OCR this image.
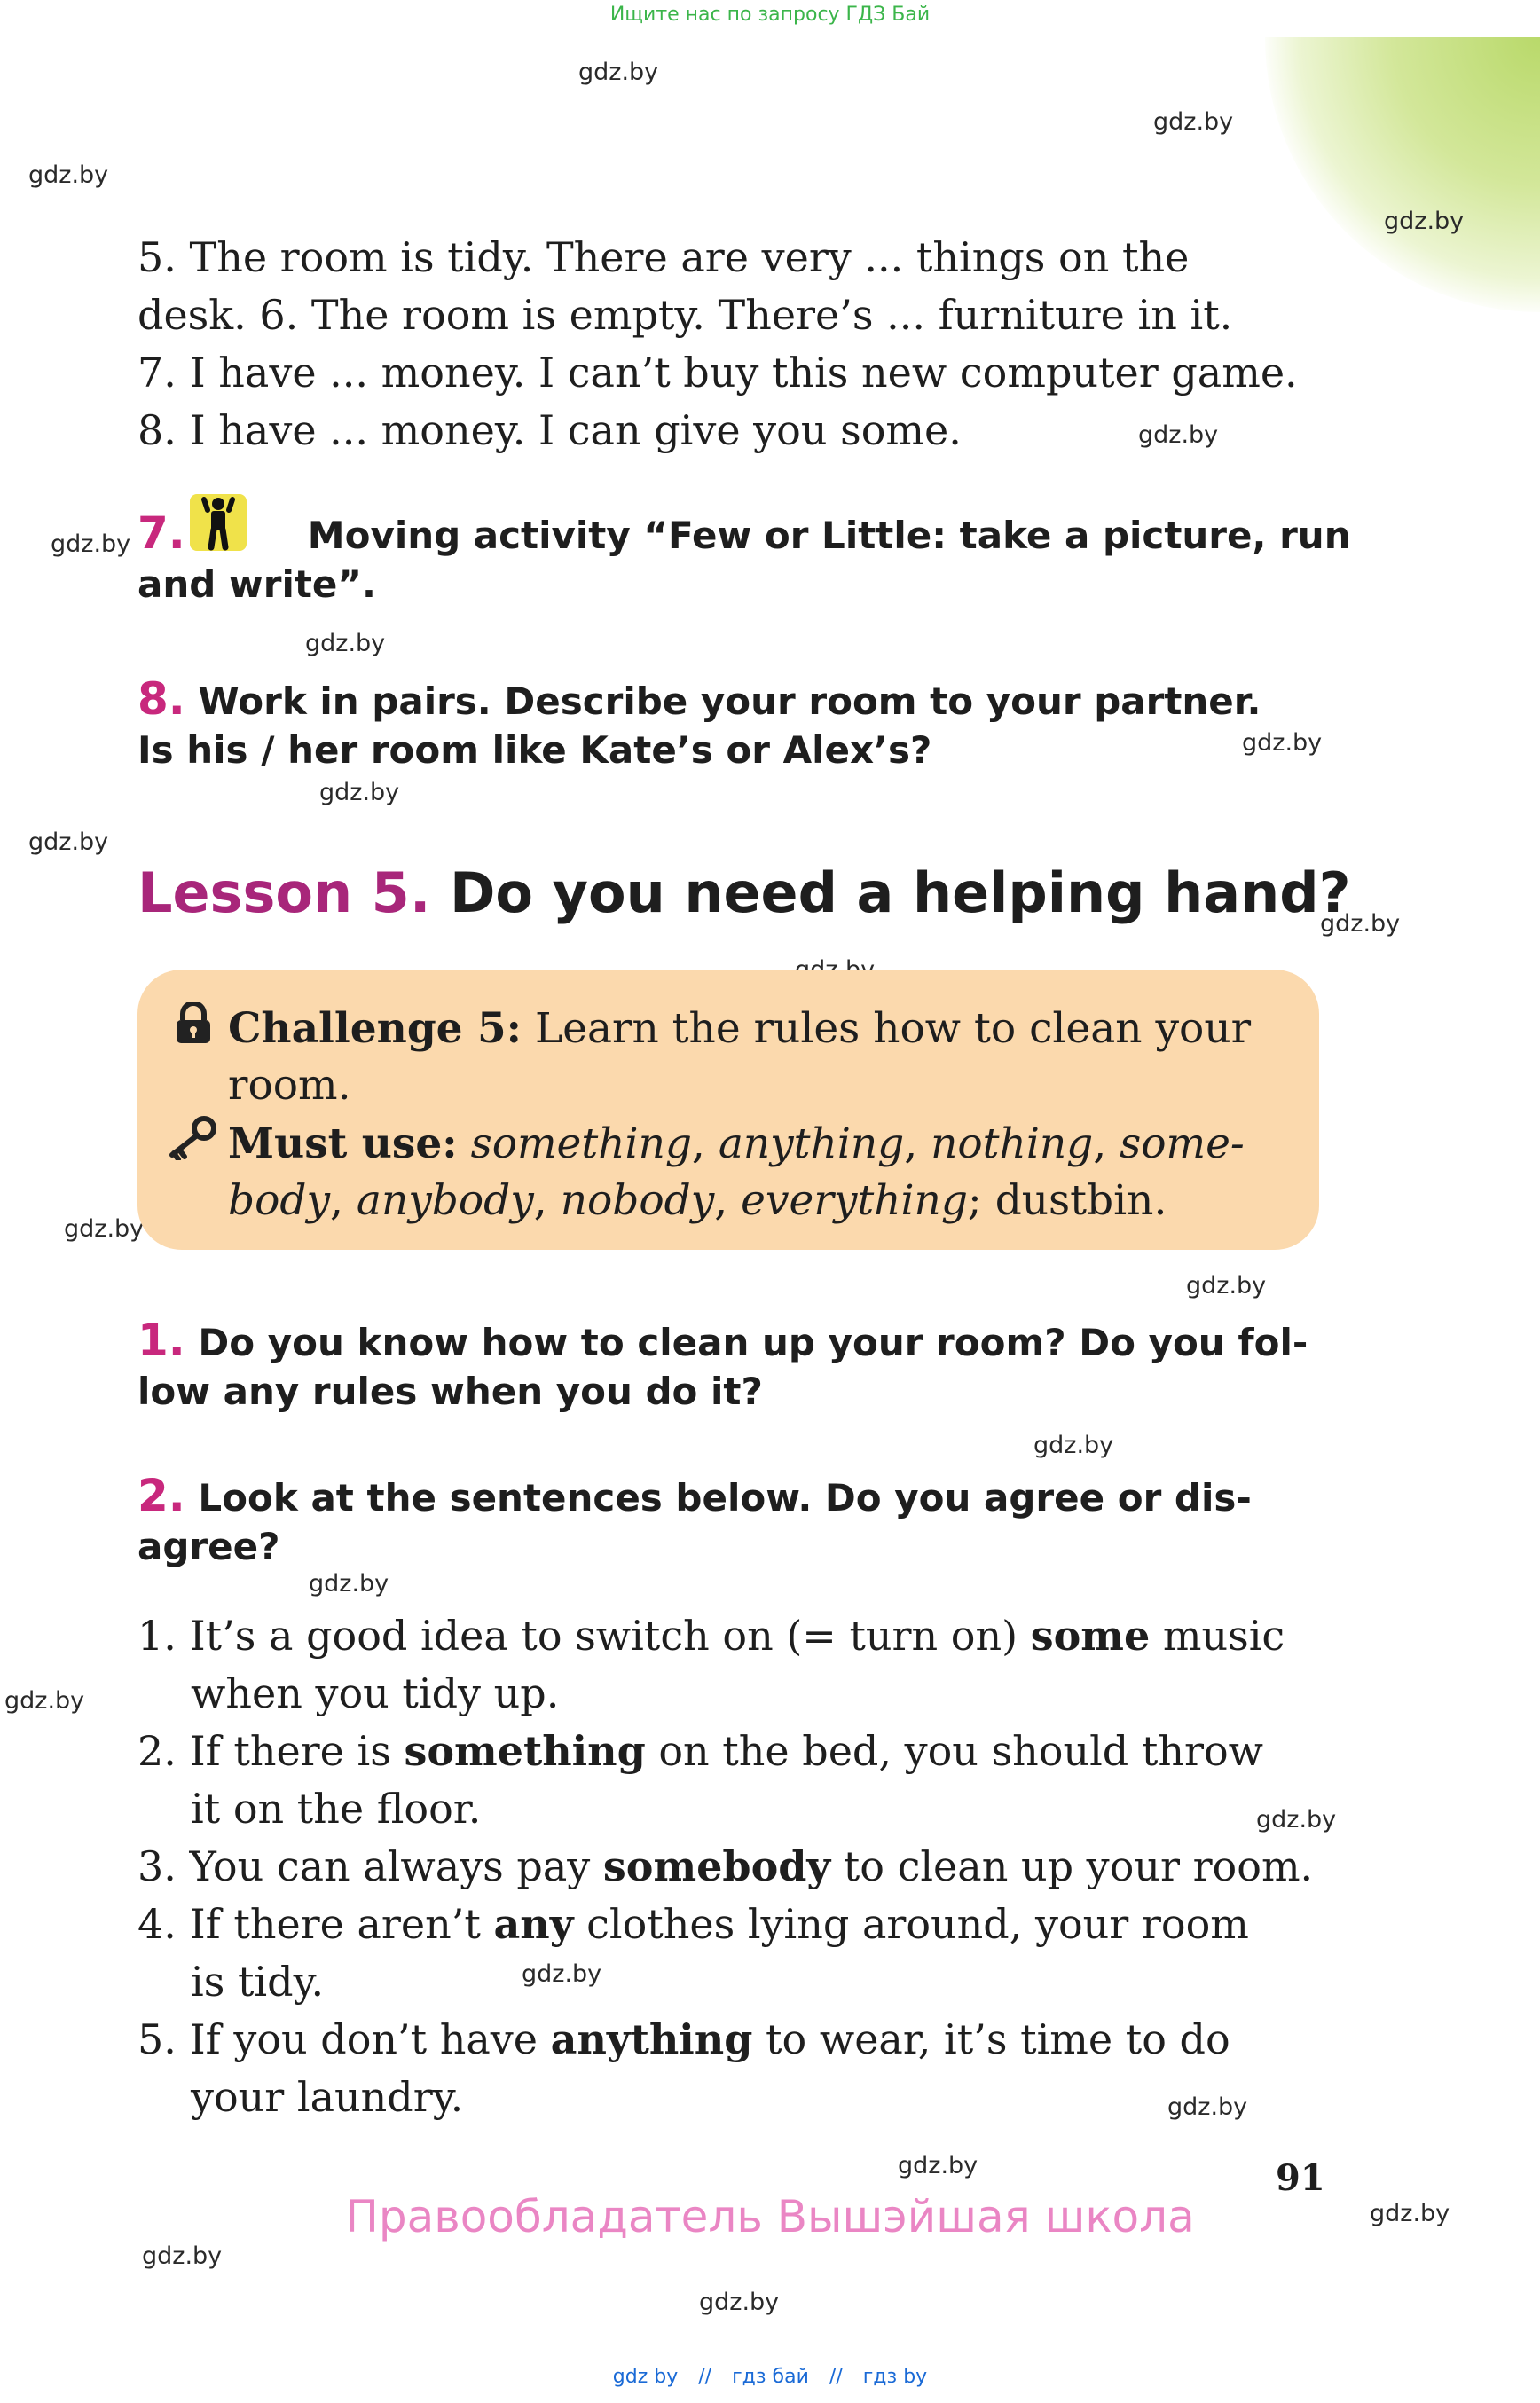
Ищите нас по запросу ГДЗ Бай
gdz.by
gdz.by
gdz.by
gdz.by
gdz.by
gdz.by
gdz.by
gdz.by
gdz.by
gdz.by
gdz.by
gdz.by
gdz.by
gdz.by
gdz.by
gdz.by
gdz.by
gdz.by
gdz.by
gdz.by
gdz.by
gdz.by
gdz.by
5. The room is tidy. There are very ... things on the
desk. 6. The room is empty. There’s ... furniture in it.
7. I have ... money. I can’t buy this new computer game.
8. I have ... money. I can give you some.
7.	Moving activity “Few or Little: take a picture, run
and write”.
8. Work in pairs. Describe your room to your partner.
Is his / her room like Kate’s or Alex’s?
Lesson 5. Do you need a helping hand?
Challenge 5: Learn the rules how to clean your
room.
Must use: something, anything, nothing, some-
body, anybody, nobody, everything; dustbin.
1. Do you know how to clean up your room? Do you fol-
low any rules when you do it?
2. Look at the sentences below. Do you agree or dis-
agree?
1. It’s a good idea to switch on (= turn on) some music
when you tidy up.
2. If there is something on the bed, you should throw
it on the floor.
3. You can always pay somebody to clean up your room.
4. If there aren’t any clothes lying around, your room
is tidy.
5. If you don’t have anything to wear, it’s time to do
your laundry.
91
Правообладатель Вышэйшая школа
gdz by // гдз бай // гдз by
